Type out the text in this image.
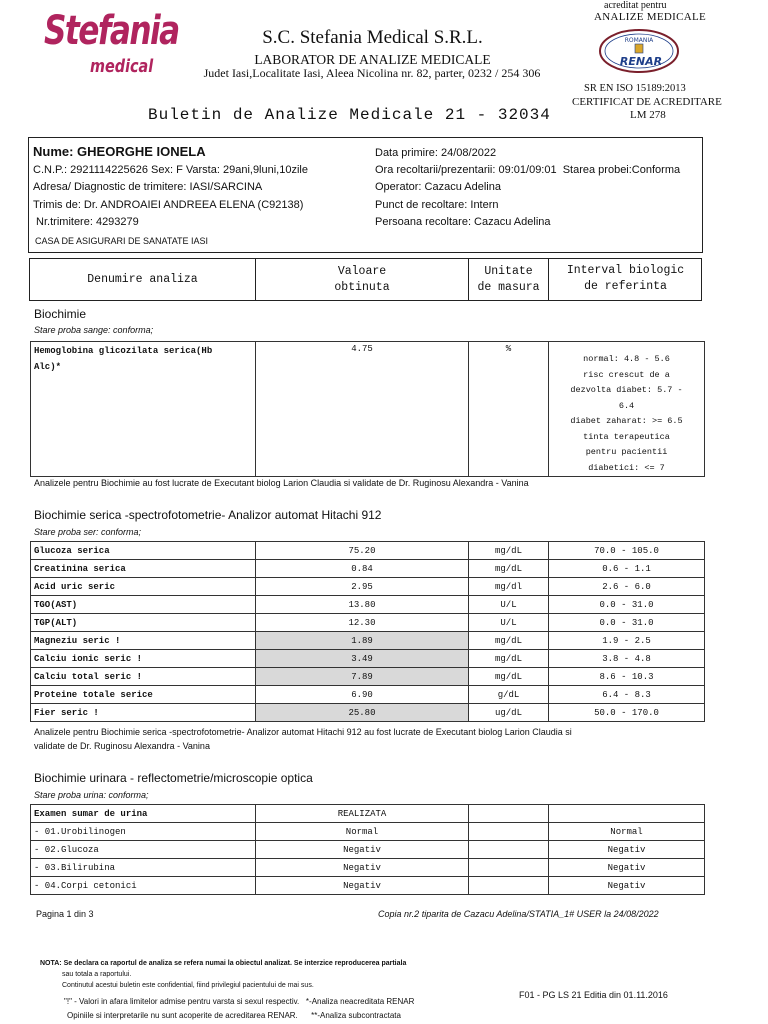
Stefania
medical
S.C. Stefania Medical S.R.L.
LABORATOR DE ANALIZE MEDICALE
Judet Iasi,Localitate Iasi, Aleea Nicolina nr. 82, parter, 0232 / 254 306
Buletin de Analize Medicale 21 - 32034
acreditat pentru
ANALIZE MEDICALE
ROMANIA
RENAR
SR EN ISO 15189:2013
CERTIFICAT DE ACREDITARE
LM 278
Nume: GHEORGHE IONELA
C.N.P.: 2921114225626 Sex: F Varsta: 29ani,9luni,10zile
Adresa/ Diagnostic de trimitere: IASI/SARCINA
Trimis de: Dr. ANDROAIEI ANDREEA ELENA (C92138)
Nr.trimitere: 4293279
CASA DE ASIGURARI DE SANATATE IASI
Data primire: 24/08/2022
Ora recoltarii/prezentarii: 09:01/09:01  Starea probei:Conforma
Operator: Cazacu Adelina
Punct de recoltare: Intern
Persoana recoltare: Cazacu Adelina
Denumire analiza
Valoare
obtinuta
Unitate
de masura
Interval biologic
de referinta
Biochimie
Stare proba sange: conforma;
Hemoglobina glicozilata serica(Hb
Alc)*
	4.75	%	
normal: 4.8 - 5.6
risc crescut de a
dezvolta diabet: 5.7 -
6.4
diabet zaharat: >= 6.5
tinta terapeutica
pentru pacientii
diabetici: <= 7
Analizele pentru Biochimie au fost lucrate de Executant biolog Larion Claudia si validate de Dr. Ruginosu Alexandra - Vanina
Biochimie serica -spectrofotometrie- Analizor automat Hitachi 912
Stare proba ser: conforma;
Glucoza serica	75.20	mg/dL	70.0 - 105.0
Creatinina serica	0.84	mg/dL	0.6 - 1.1
Acid uric seric	2.95	mg/dl	2.6 - 6.0
TGO(AST)	13.80	U/L	0.0 - 31.0
TGP(ALT)	12.30	U/L	0.0 - 31.0
Magneziu seric !	1.89	mg/dL	1.9 - 2.5
Calciu ionic seric !	3.49	mg/dL	3.8 - 4.8
Calciu total seric !	7.89	mg/dL	8.6 - 10.3
Proteine totale serice	6.90	g/dL	6.4 - 8.3
Fier seric !	25.80	ug/dL	50.0 - 170.0
Analizele pentru Biochimie serica -spectrofotometrie- Analizor automat Hitachi 912 au fost lucrate de Executant biolog Larion Claudia si
validate de Dr. Ruginosu Alexandra - Vanina
Biochimie urinara - reflectometrie/microscopie optica
Stare proba urina: conforma;
Examen sumar de urina	REALIZATA		
- 01.Urobilinogen	Normal		Normal
- 02.Glucoza	Negativ		Negativ
- 03.Bilirubina	Negativ		Negativ
- 04.Corpi cetonici	Negativ		Negativ
Pagina 1 din 3	Copia nr.2 tiparita de Cazacu Adelina/STATIA_1# USER la 24/08/2022
NOTA: Se declara ca raportul de analiza se refera numai la obiectul analizat. Se interzice reproducerea partiala
sau totala a raportului.
Continutul acestui buletin este confidential, fiind privilegiul pacientului de mai sus.
F01 - PG LS 21 Editia din 01.11.2016
"!" - Valori in afara limitelor admise pentru varsta si sexul respectiv.   *-Analiza neacreditata RENAR
Opiniile si interpretarile nu sunt acoperite de acreditarea RENAR.      **-Analiza subcontractata
